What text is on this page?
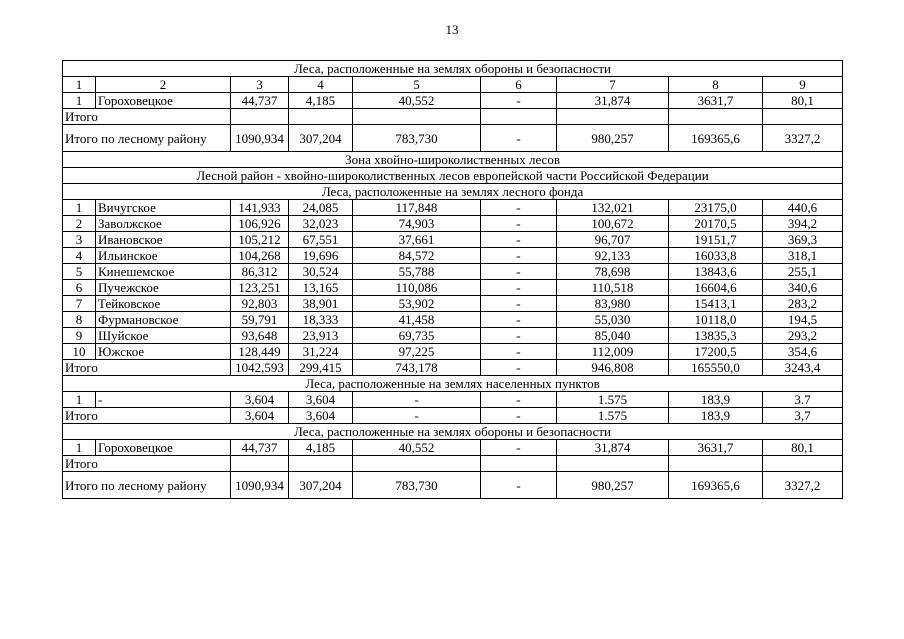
13
Леса, расположенные на землях обороны и безопасности								
1	2	3	4	5	6	7	8	9
1	Гороховецкое	44,737	4,185	40,552	-	31,874	3631,7	80,1
Итого								
Итого по лесному району		1090,934	307,204	783,730	-	980,257	169365,6	3327,2
Зона хвойно-широколиственных лесов								
Лесной район - хвойно-широколиственных лесов европейской части Российской Федерации								
Леса, расположенные на землях лесного фонда								
1	Вичугское	141,933	24,085	117,848	-	132,021	23175,0	440,6
2	Заволжское	106,926	32,023	74,903	-	100,672	20170,5	394,2
3	Ивановское	105,212	67,551	37,661	-	96,707	19151,7	369,3
4	Ильинское	104,268	19,696	84,572	-	92,133	16033,8	318,1
5	Кинешемское	86,312	30,524	55,788	-	78,698	13843,6	255,1
6	Пучежское	123,251	13,165	110,086	-	110,518	16604,6	340,6
7	Тейковское	92,803	38,901	53,902	-	83,980	15413,1	283,2
8	Фурмановское	59,791	18,333	41,458	-	55,030	10118,0	194,5
9	Шуйское	93,648	23,913	69,735	-	85,040	13835,3	293,2
10	Южское	128,449	31,224	97,225	-	112,009	17200,5	354,6
Итого		1042,593	299,415	743,178	-	946,808	165550,0	3243,4
Леса, расположенные на землях населенных пунктов								
1	-	3,604	3,604	-	-	1.575	183,9	3.7
Итого		3,604	3,604	-	-	1.575	183,9	3,7
Леса, расположенные на землях обороны и безопасности								
1	Гороховецкое	44,737	4,185	40,552	-	31,874	3631,7	80,1
Итого								
Итого по лесному району		1090,934	307,204	783,730	-	980,257	169365,6	3327,2
